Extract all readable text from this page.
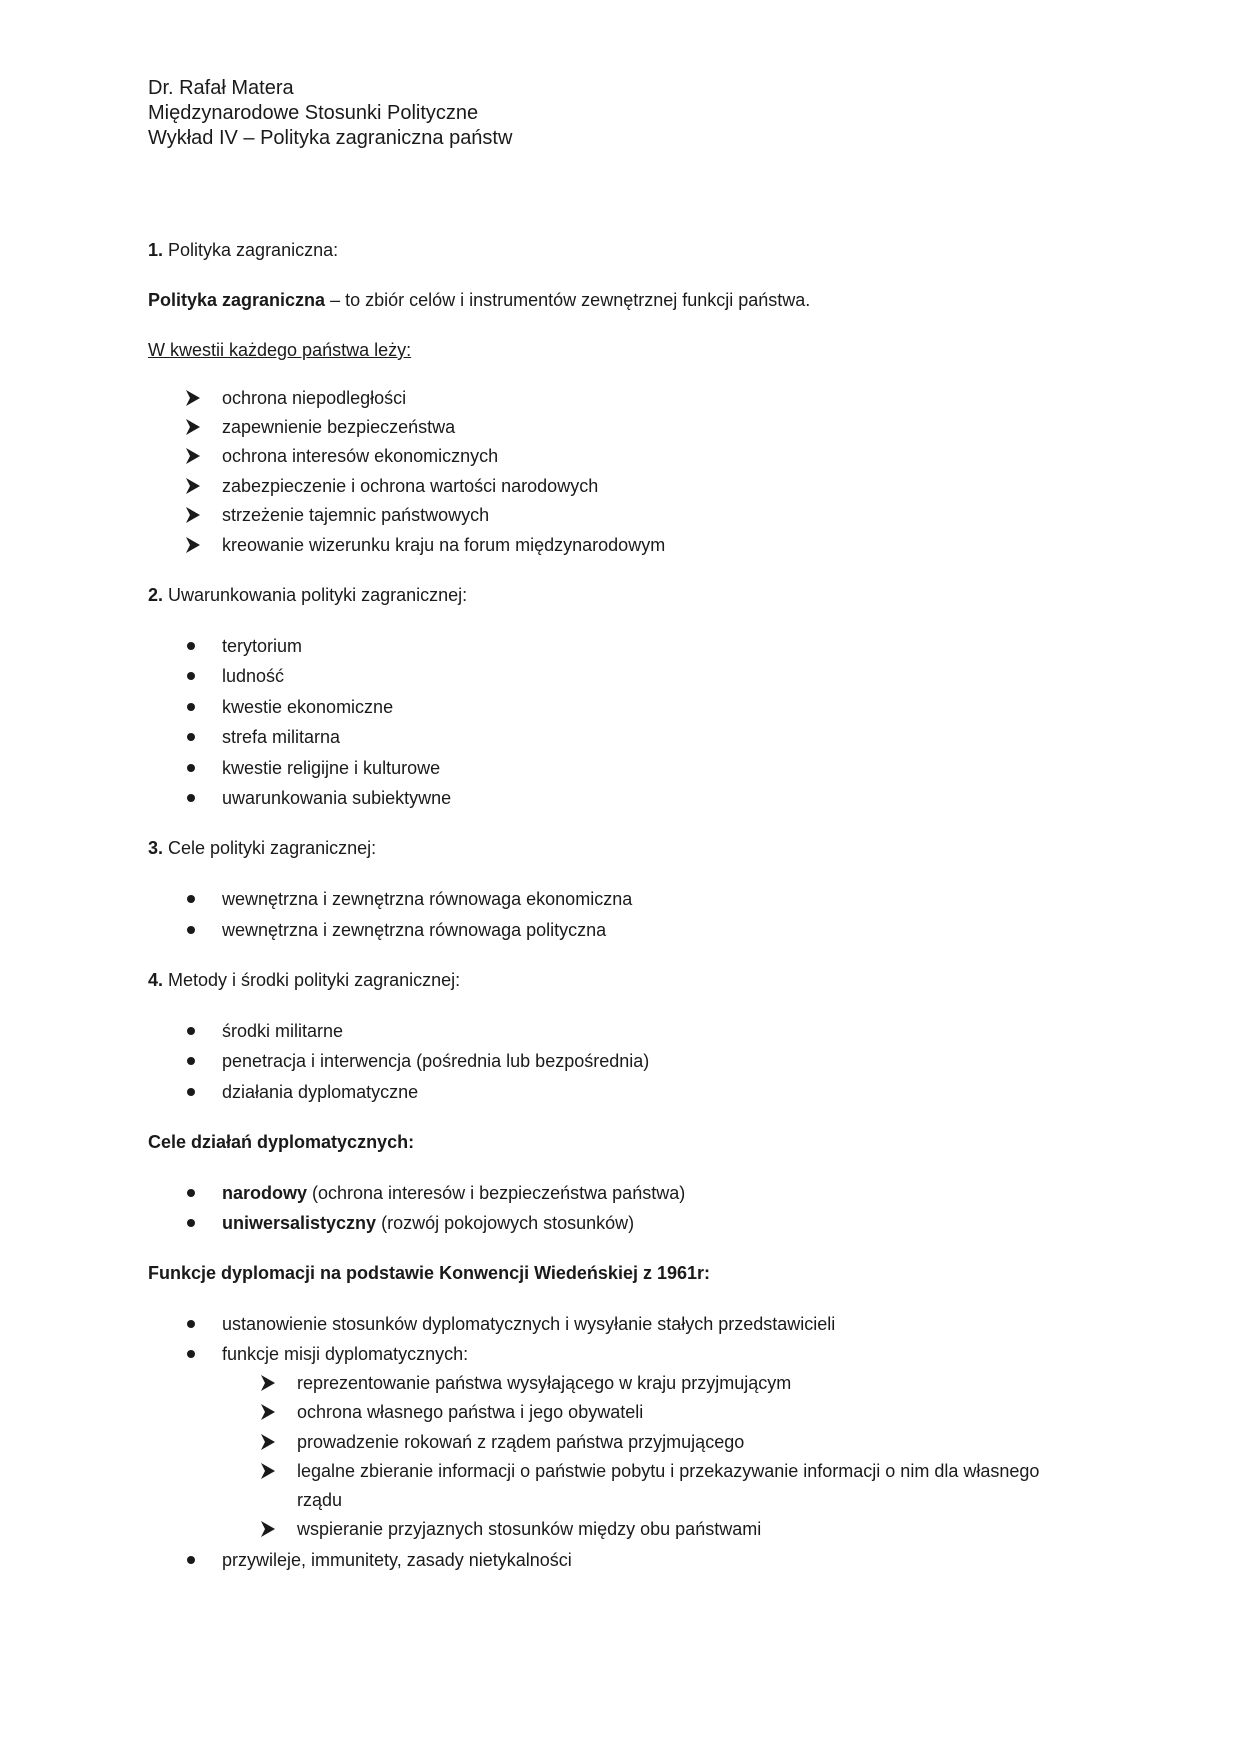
Dr. Rafał Matera
Międzynarodowe Stosunki Polityczne
Wykład IV – Polityka zagraniczna państw
1. Polityka zagraniczna:
Polityka zagraniczna – to zbiór celów i instrumentów zewnętrznej funkcji państwa.
W kwestii każdego państwa leży:
ochrona niepodległości
zapewnienie bezpieczeństwa
ochrona interesów ekonomicznych
zabezpieczenie i ochrona wartości narodowych
strzeżenie tajemnic państwowych
kreowanie wizerunku kraju na forum międzynarodowym
2. Uwarunkowania polityki zagranicznej:
terytorium
ludność
kwestie ekonomiczne
strefa militarna
kwestie religijne i kulturowe
uwarunkowania subiektywne
3. Cele polityki zagranicznej:
wewnętrzna i zewnętrzna równowaga ekonomiczna
wewnętrzna i zewnętrzna równowaga polityczna
4. Metody i środki polityki zagranicznej:
środki militarne
penetracja i interwencja (pośrednia lub bezpośrednia)
działania dyplomatyczne
Cele działań dyplomatycznych:
narodowy (ochrona interesów i bezpieczeństwa państwa)
uniwersalistyczny (rozwój pokojowych stosunków)
Funkcje dyplomacji na podstawie Konwencji Wiedeńskiej z 1961r:
ustanowienie stosunków dyplomatycznych i wysyłanie stałych przedstawicieli
funkcje misji dyplomatycznych:
reprezentowanie państwa wysyłającego w kraju przyjmującym
ochrona własnego państwa i jego obywateli
prowadzenie rokowań z rządem państwa przyjmującego
legalne zbieranie informacji o państwie pobytu i przekazywanie informacji o nim dla własnego
rządu
wspieranie przyjaznych stosunków między obu państwami
przywileje, immunitety, zasady nietykalności
